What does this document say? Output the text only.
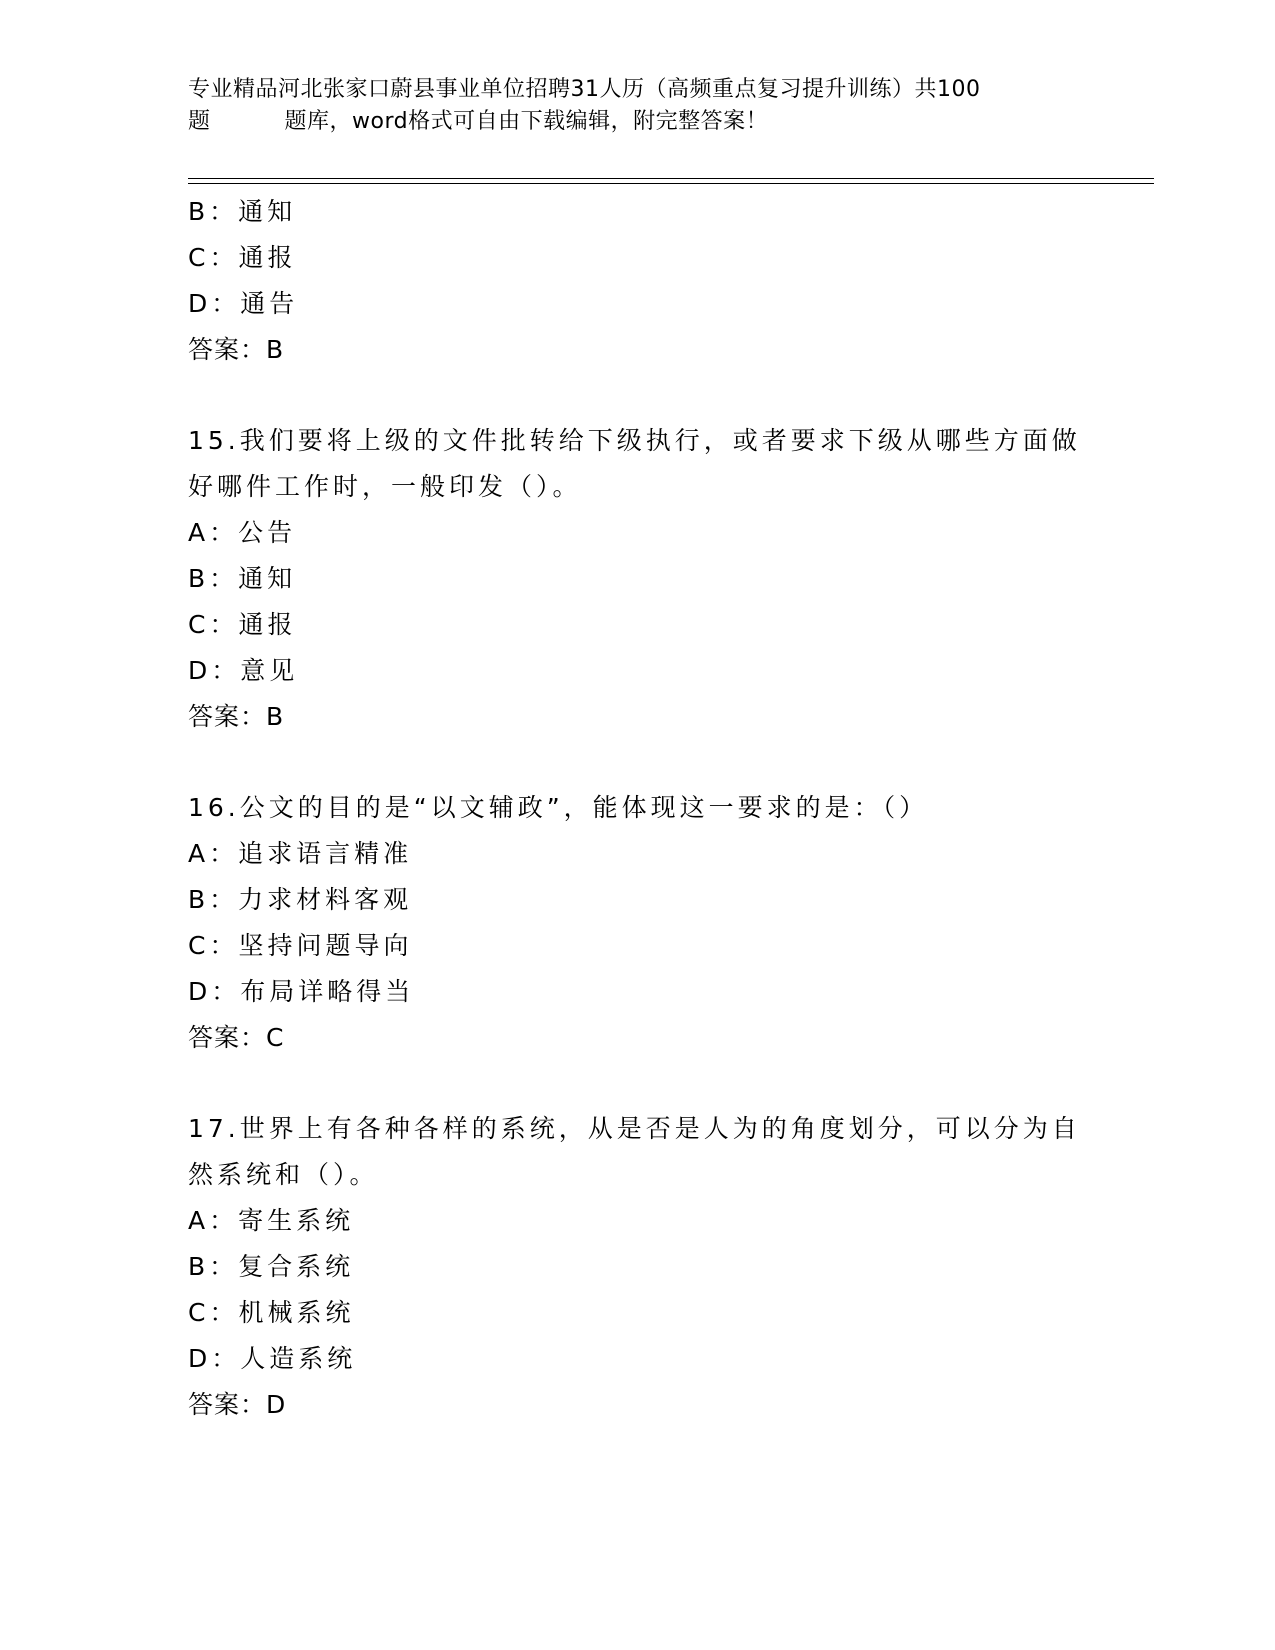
专业精品河北张家口蔚县事业单位招聘31人历（高频重点复习提升训练）共100
题	题库，word格式可自由下载编辑，附完整答案！
B：通知
C：通报
D：通告
答案：B
15.我们要将上级的文件批转给下级执行，或者要求下级从哪些方面做
好哪件工作时，一般印发（）。
A：公告
B：通知
C：通报
D：意见
答案：B
16.公文的目的是“以文辅政”，能体现这一要求的是：（）
A：追求语言精准
B：力求材料客观
C：坚持问题导向
D：布局详略得当
答案：C
17.世界上有各种各样的系统，从是否是人为的角度划分，可以分为自
然系统和（）。
A：寄生系统
B：复合系统
C：机械系统
D：人造系统
答案：D
